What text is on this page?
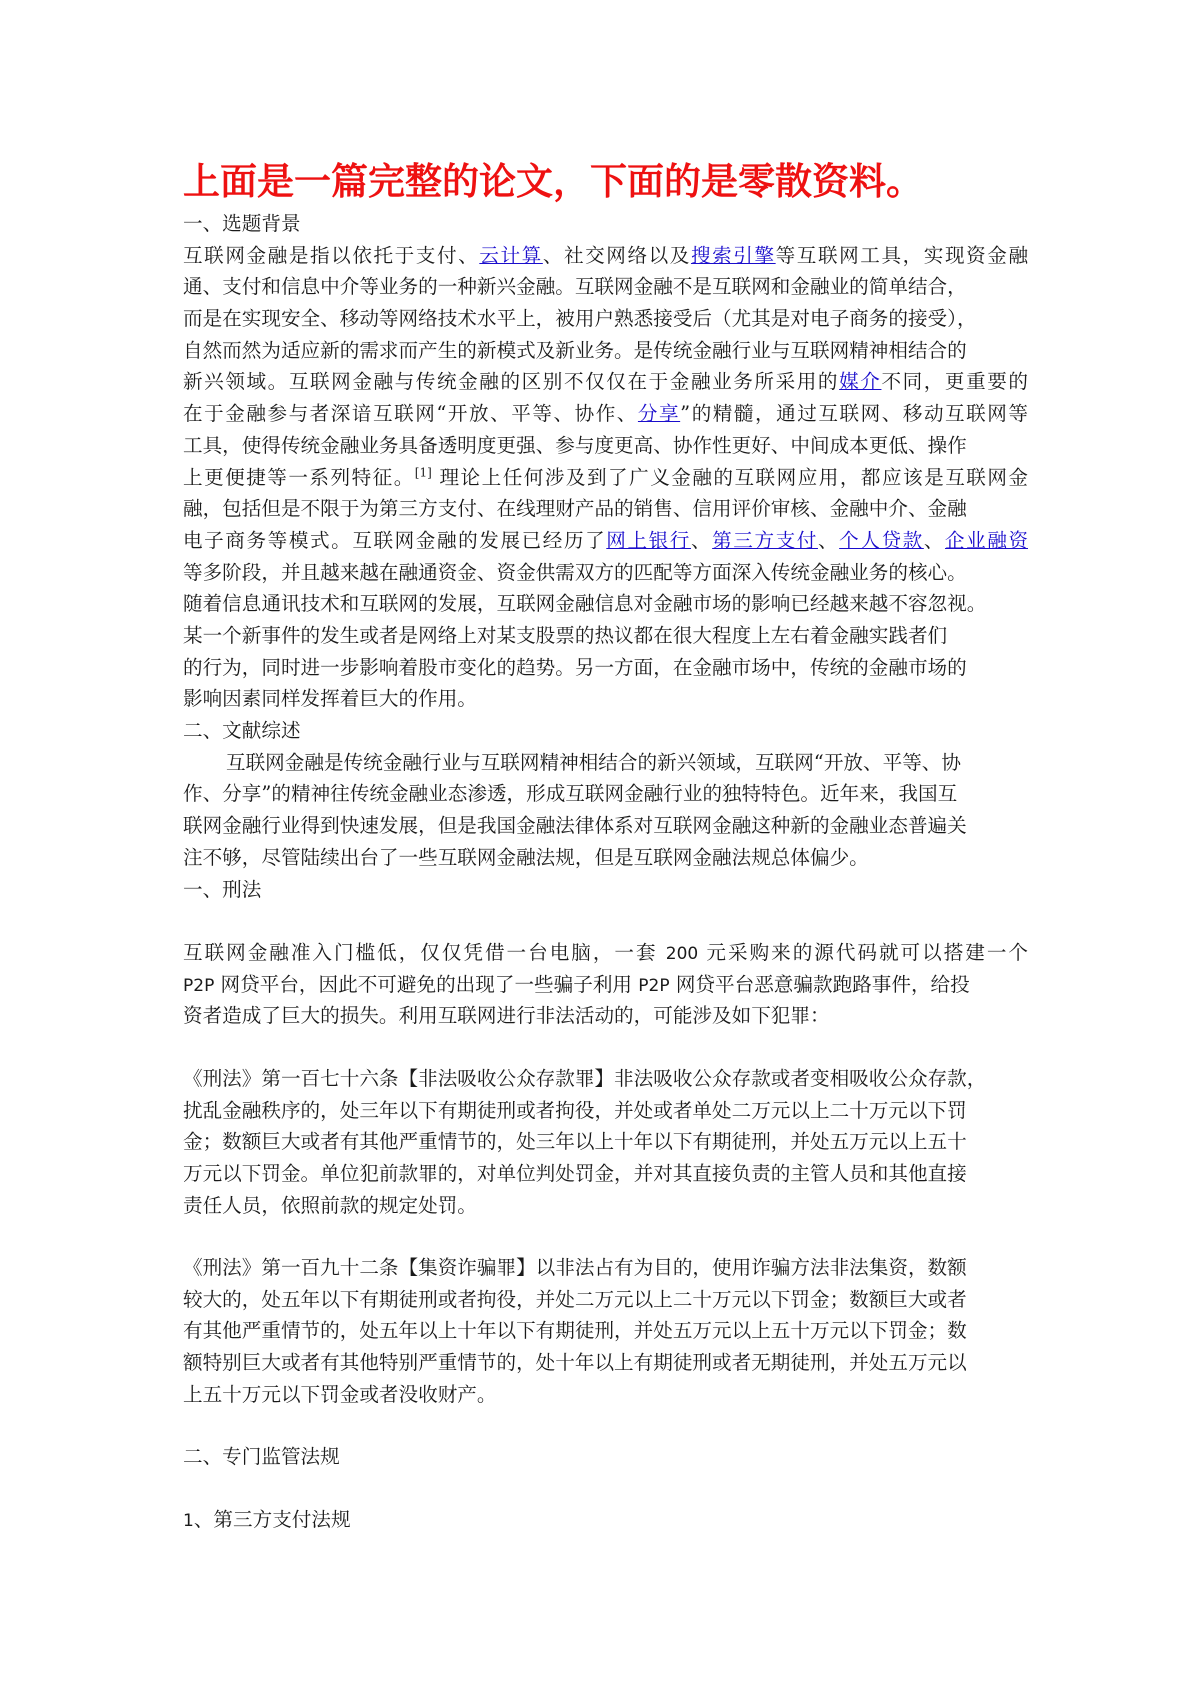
上面是一篇完整的论文，下面的是零散资料。
一、选题背景
互联网金融是指以依托于支付、云计算、社交网络以及搜索引擎等互联网工具，实现资金融
通、支付和信息中介等业务的一种新兴金融。互联网金融不是互联网和金融业的简单结合，
而是在实现安全、移动等网络技术水平上，被用户熟悉接受后（尤其是对电子商务的接受），
自然而然为适应新的需求而产生的新模式及新业务。是传统金融行业与互联网精神相结合的
新兴领域。互联网金融与传统金融的区别不仅仅在于金融业务所采用的媒介不同，更重要的
在于金融参与者深谙互联网“开放、平等、协作、分享”的精髓，通过互联网、移动互联网等
工具，使得传统金融业务具备透明度更强、参与度更高、协作性更好、中间成本更低、操作
上更便捷等一系列特征。[1] 理论上任何涉及到了广义金融的互联网应用，都应该是互联网金
融，包括但是不限于为第三方支付、在线理财产品的销售、信用评价审核、金融中介、金融
电子商务等模式。互联网金融的发展已经历了网上银行、第三方支付、个人贷款、企业融资
等多阶段，并且越来越在融通资金、资金供需双方的匹配等方面深入传统金融业务的核心。
随着信息通讯技术和互联网的发展，互联网金融信息对金融市场的影响已经越来越不容忽视。
某一个新事件的发生或者是网络上对某支股票的热议都在很大程度上左右着金融实践者们
的行为，同时进一步影响着股市变化的趋势。另一方面，在金融市场中，传统的金融市场的
影响因素同样发挥着巨大的作用。
二、文献综述
互联网金融是传统金融行业与互联网精神相结合的新兴领域，互联网“开放、平等、协
作、分享”的精神往传统金融业态渗透，形成互联网金融行业的独特特色。近年来，我国互
联网金融行业得到快速发展，但是我国金融法律体系对互联网金融这种新的金融业态普遍关
注不够，尽管陆续出台了一些互联网金融法规，但是互联网金融法规总体偏少。
一、刑法
互联网金融准入门槛低，仅仅凭借一台电脑，一套 200 元采购来的源代码就可以搭建一个
P2P 网贷平台，因此不可避免的出现了一些骗子利用 P2P 网贷平台恶意骗款跑路事件，给投
资者造成了巨大的损失。利用互联网进行非法活动的，可能涉及如下犯罪：
《刑法》第一百七十六条【非法吸收公众存款罪】非法吸收公众存款或者变相吸收公众存款，
扰乱金融秩序的，处三年以下有期徒刑或者拘役，并处或者单处二万元以上二十万元以下罚
金；数额巨大或者有其他严重情节的，处三年以上十年以下有期徒刑，并处五万元以上五十
万元以下罚金。单位犯前款罪的，对单位判处罚金，并对其直接负责的主管人员和其他直接
责任人员，依照前款的规定处罚。
《刑法》第一百九十二条【集资诈骗罪】以非法占有为目的，使用诈骗方法非法集资，数额
较大的，处五年以下有期徒刑或者拘役，并处二万元以上二十万元以下罚金；数额巨大或者
有其他严重情节的，处五年以上十年以下有期徒刑，并处五万元以上五十万元以下罚金；数
额特别巨大或者有其他特别严重情节的，处十年以上有期徒刑或者无期徒刑，并处五万元以
上五十万元以下罚金或者没收财产。
二、专门监管法规
1、第三方支付法规
